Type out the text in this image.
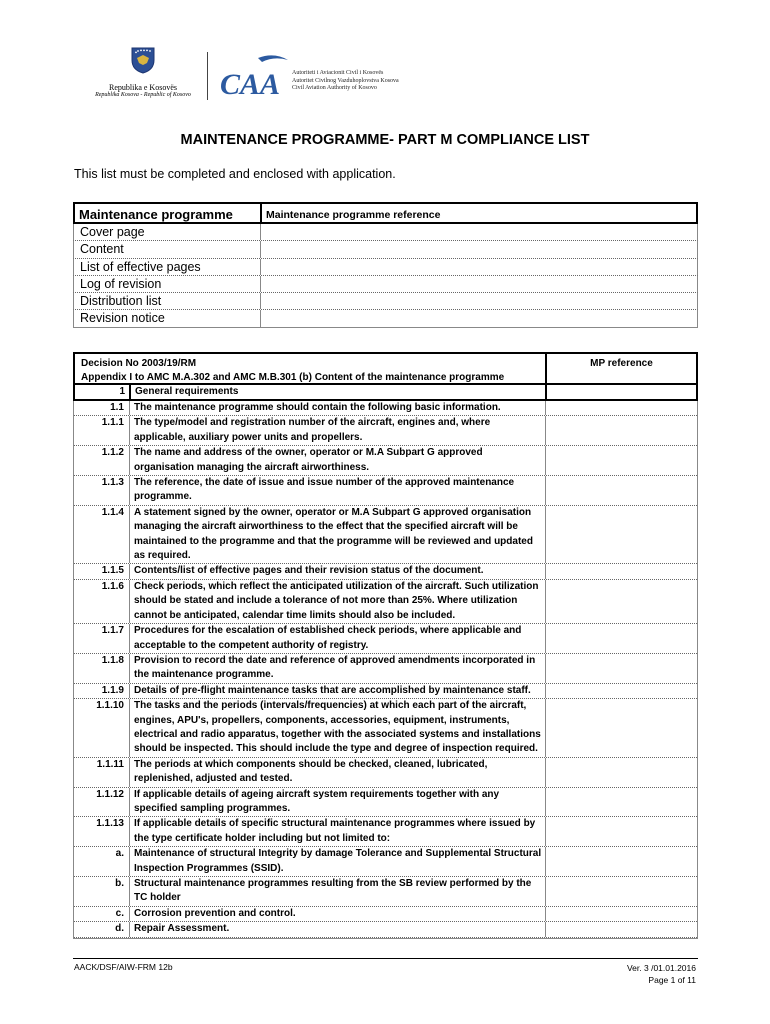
Republika e Kosovës
Republika Kosova - Republic of Kosovo CAA Autoriteti i Aviacionit Civil i Kosovës
Autoritet Civilnog Vazduhoplovstva Kosova
Civil Aviation Authority of Kosovo
MAINTENANCE PROGRAMME- PART M COMPLIANCE LIST
This list must be completed and enclosed with application.
Maintenance programme	Maintenance programme reference
Cover page
Content
List of effective pages
Log of revision
Distribution list
Revision notice
Decision No 2003/19/RM
Appendix I to AMC M.A.302 and AMC M.B.301 (b) Content of the maintenance programme
MP reference
1	General requirements
1.1	The maintenance programme should contain the following basic information.
1.1.1	The type/model and registration number of the aircraft, engines and, where applicable, auxiliary power units and propellers.
1.1.2	The name and address of the owner, operator or M.A Subpart G approved organisation managing the aircraft airworthiness.
1.1.3	The reference, the date of issue and issue number of the approved maintenance programme.
1.1.4	A statement signed by the owner, operator or M.A Subpart G approved organisation managing the aircraft airworthiness to the effect that the specified aircraft will be maintained to the programme and that the programme will be reviewed and updated as required.
1.1.5	Contents/list of effective pages and their revision status of the document.
1.1.6	Check periods, which reflect the anticipated utilization of the aircraft. Such utilization should be stated and include a tolerance of not more than 25%. Where utilization cannot be anticipated, calendar time limits should also be included.
1.1.7	Procedures for the escalation of established check periods, where applicable and acceptable to the competent authority of registry.
1.1.8	Provision to record the date and reference of approved amendments incorporated in the maintenance programme.
1.1.9	Details of pre-flight maintenance tasks that are accomplished by maintenance staff.
1.1.10	The tasks and the periods (intervals/frequencies) at which each part of the aircraft, engines, APU's, propellers, components, accessories, equipment, instruments, electrical and radio apparatus, together with the associated systems and installations should be inspected. This should include the type and degree of inspection required.
1.1.11	The periods at which components should be checked, cleaned, lubricated, replenished, adjusted and tested.
1.1.12	If applicable details of ageing aircraft system requirements together with any specified sampling programmes.
1.1.13	If applicable details of specific structural maintenance programmes where issued by the type certificate holder including but not limited to:
a.	Maintenance of structural Integrity by damage Tolerance and Supplemental Structural Inspection Programmes (SSID).
b.	Structural maintenance programmes resulting from the SB review performed by the TC holder
c.	Corrosion prevention and control.
d.	Repair Assessment.
AACK/DSF/AIW-FRM 12b	Ver. 3 /01.01.2016
Page 1 of 11
